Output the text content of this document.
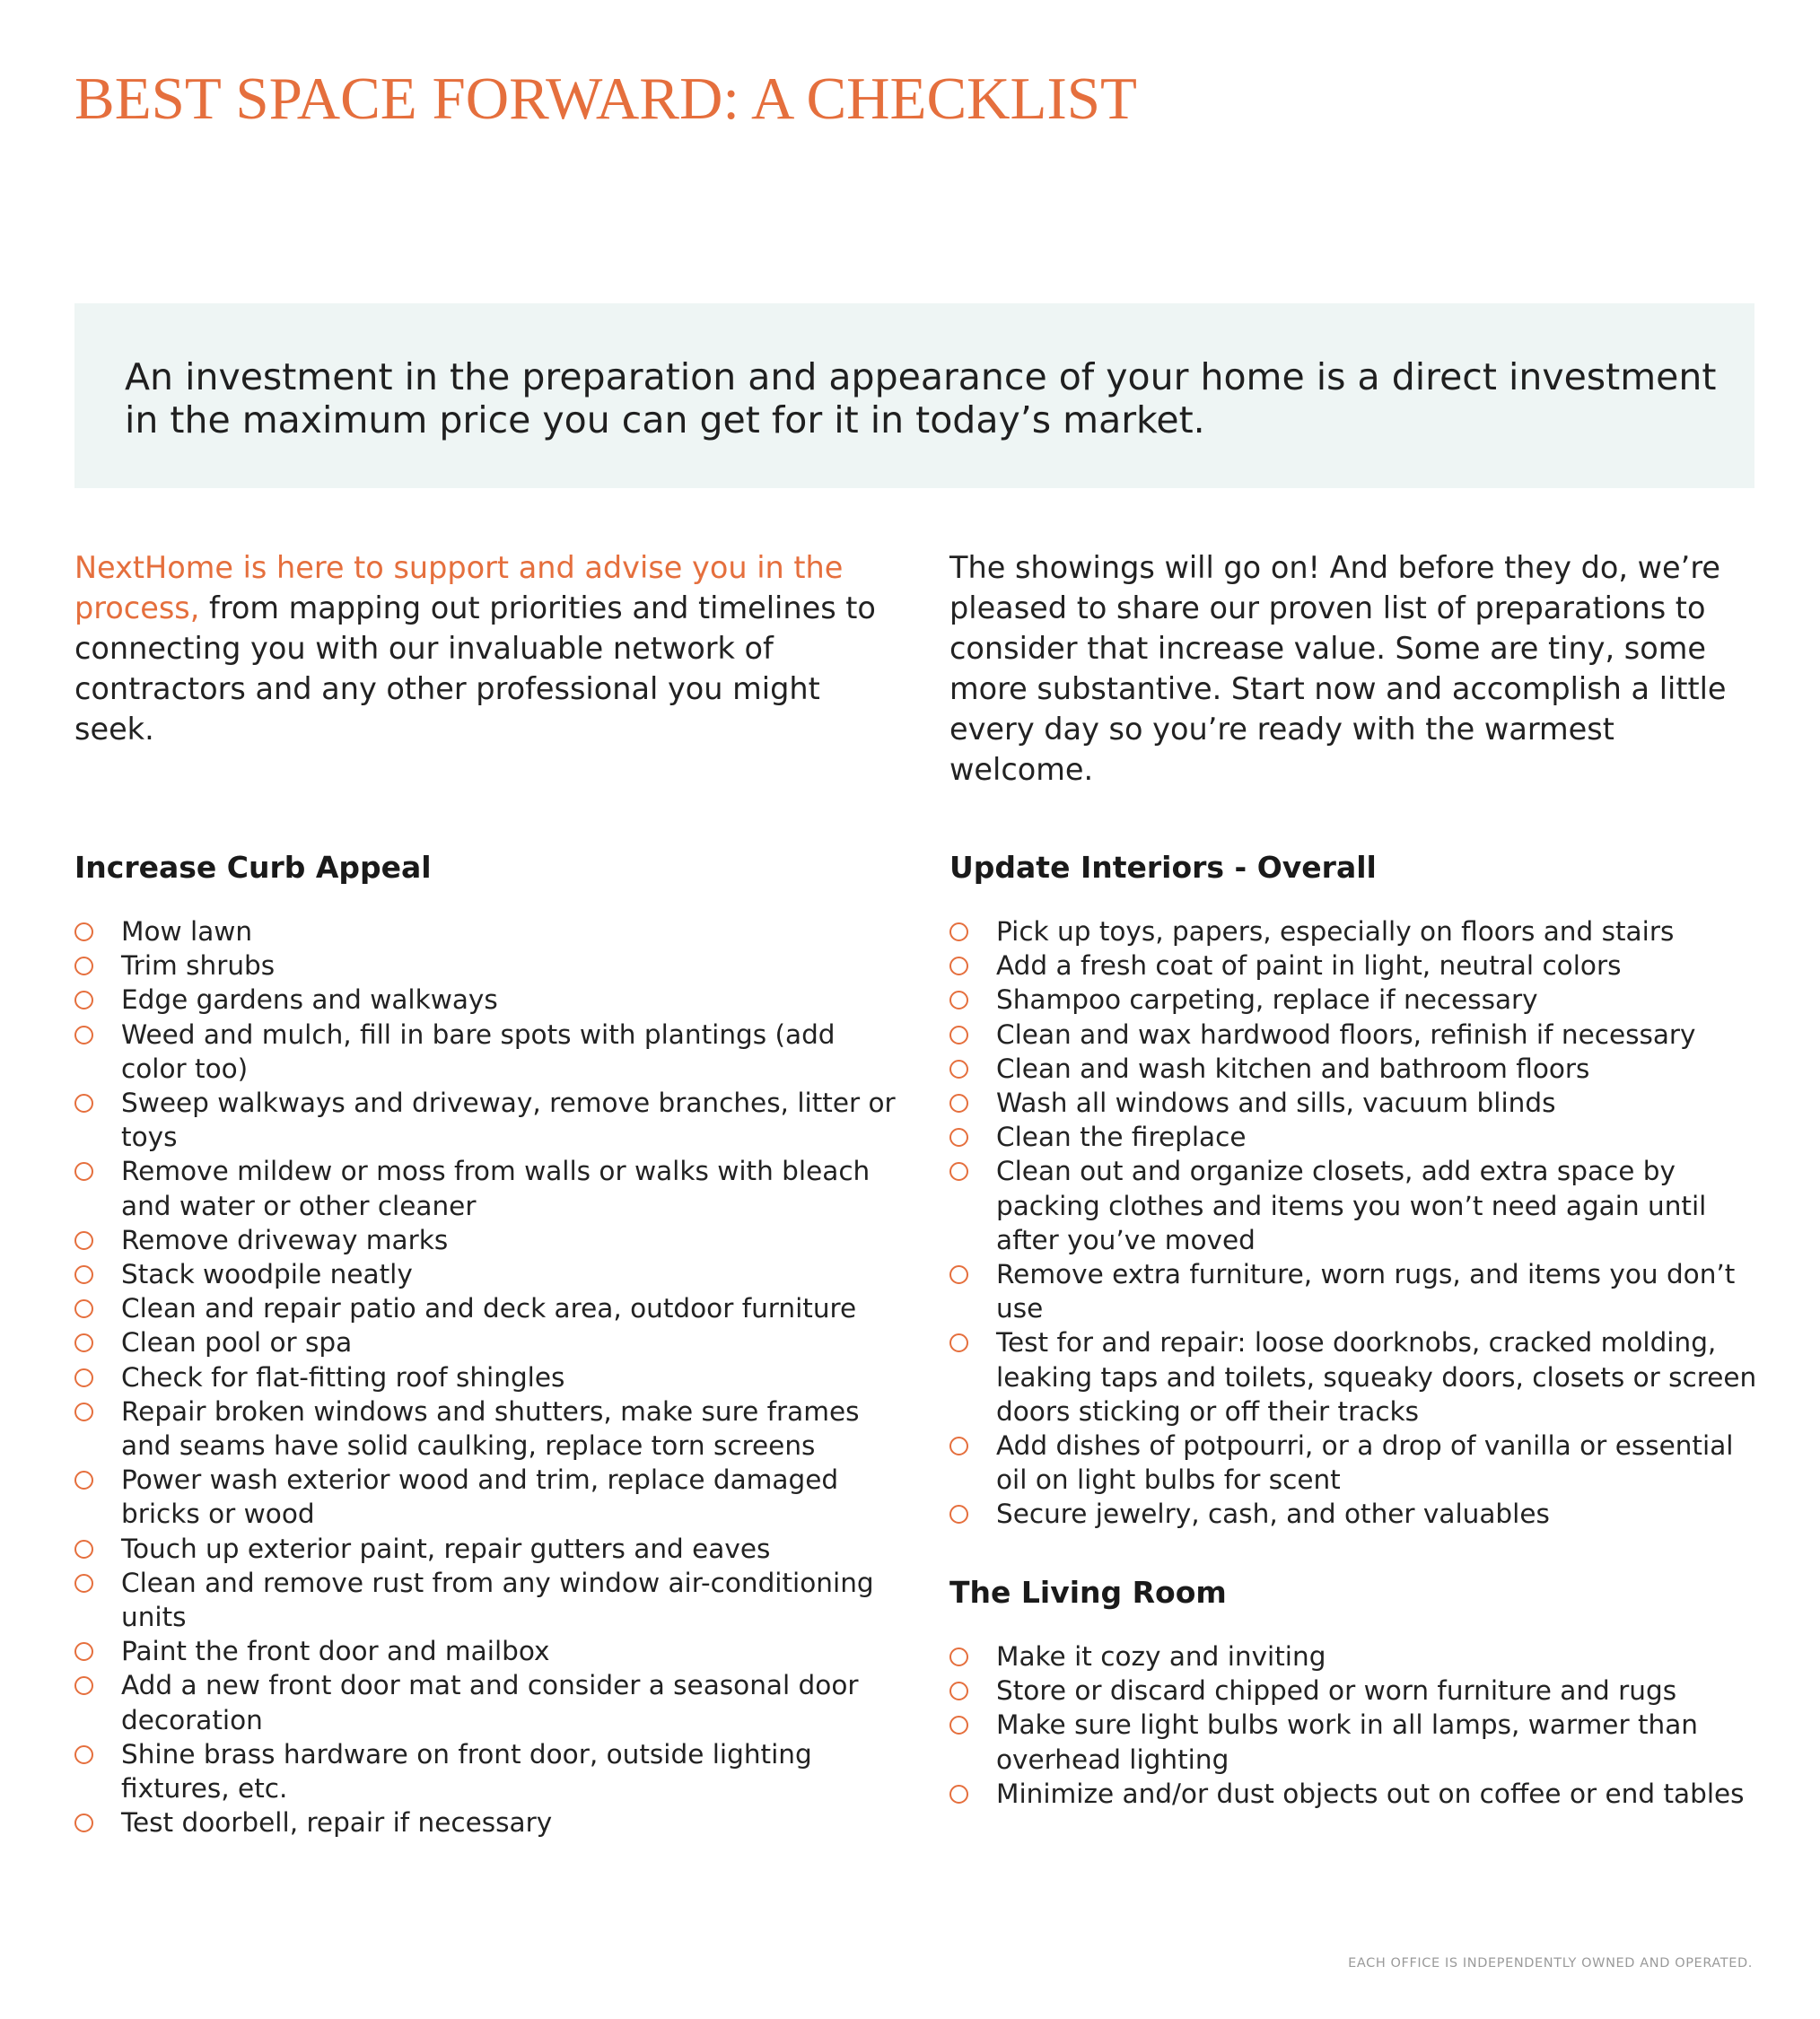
BEST SPACE FORWARD: A CHECKLIST

An investment in the preparation and appearance of your home is a direct investment in the maximum price you can get for it in today’s market.

NextHome is here to support and advise you in the process, from mapping out priorities and timelines to connecting you with our invaluable network of contractors and any other professional you might seek.

The showings will go on! And before they do, we’re pleased to share our proven list of preparations to consider that increase value. Some are tiny, some more substantive. Start now and accomplish a little every day so you’re ready with the warmest welcome.

Increase Curb Appeal
Mow lawn
Trim shrubs
Edge gardens and walkways
Weed and mulch, fill in bare spots with plantings (add color too)
Sweep walkways and driveway, remove branches, litter or toys
Remove mildew or moss from walls or walks with bleach and water or other cleaner
Remove driveway marks
Stack woodpile neatly
Clean and repair patio and deck area, outdoor furniture
Clean pool or spa
Check for flat-fitting roof shingles
Repair broken windows and shutters, make sure frames and seams have solid caulking, replace torn screens
Power wash exterior wood and trim, replace damaged bricks or wood
Touch up exterior paint, repair gutters and eaves
Clean and remove rust from any window air-conditioning units
Paint the front door and mailbox
Add a new front door mat and consider a seasonal door decoration
Shine brass hardware on front door, outside lighting fixtures, etc.
Test doorbell, repair if necessary
Update Interiors - Overall
Pick up toys, papers, especially on floors and stairs
Add a fresh coat of paint in light, neutral colors
Shampoo carpeting, replace if necessary
Clean and wax hardwood floors, refinish if necessary
Clean and wash kitchen and bathroom floors
Wash all windows and sills, vacuum blinds
Clean the fireplace
Clean out and organize closets, add extra space by packing clothes and items you won’t need again until after you’ve moved
Remove extra furniture, worn rugs, and items you don’t use
Test for and repair: loose doorknobs, cracked molding, leaking taps and toilets, squeaky doors, closets or screen doors sticking or off their tracks
Add dishes of potpourri, or a drop of vanilla or essential oil on light bulbs for scent
Secure jewelry, cash, and other valuables
The Living Room
Make it cozy and inviting
Store or discard chipped or worn furniture and rugs
Make sure light bulbs work in all lamps, warmer than overhead lighting
Minimize and/or dust objects out on coffee or end tables

EACH OFFICE IS INDEPENDENTLY OWNED AND OPERATED.
